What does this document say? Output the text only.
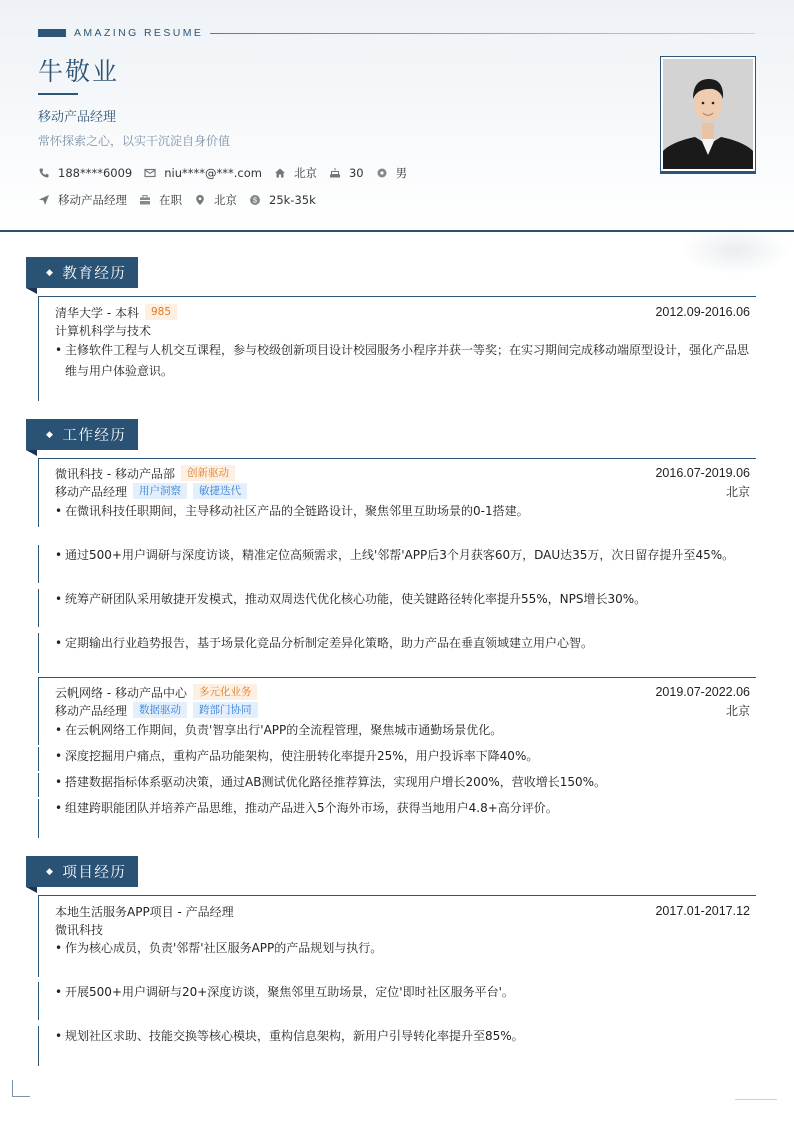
AMAZING RESUME
牛敬业
移动产品经理
常怀探索之心，以实干沉淀自身价值
188****6009	niu****@***.com	北京	30	男
移动产品经理	在职	北京 $ 25k-35k
◆ 教育经历
清华大学 - 本科	985	2012.09-2016.06
计算机科学与技术
• 主修软件工程与人机交互课程，参与校级创新项目设计校园服务小程序并获一等奖；在实习期间完成移动端原型设计，强化产品思维与用户体验意识。
◆ 工作经历
微讯科技 - 移动产品部	创新驱动	2016.07-2019.06
移动产品经理	用户洞察	敏捷迭代	北京
• 在微讯科技任职期间，主导移动社区产品的全链路设计，聚焦邻里互助场景的0-1搭建。
• 通过500+用户调研与深度访谈，精准定位高频需求，上线'邻帮'APP后3个月获客60万，DAU达35万，次日留存提升至45%。
• 统筹产研团队采用敏捷开发模式，推动双周迭代优化核心功能，使关键路径转化率提升55%，NPS增长30%。
• 定期输出行业趋势报告，基于场景化竞品分析制定差异化策略，助力产品在垂直领域建立用户心智。
云帆网络 - 移动产品中心	多元化业务	2019.07-2022.06
移动产品经理	数据驱动	跨部门协同	北京
• 在云帆网络工作期间，负责'智享出行'APP的全流程管理，聚焦城市通勤场景优化。
• 深度挖掘用户痛点，重构产品功能架构，使注册转化率提升25%，用户投诉率下降40%。
• 搭建数据指标体系驱动决策，通过AB测试优化路径推荐算法，实现用户增长200%，营收增长150%。
• 组建跨职能团队并培养产品思维，推动产品进入5个海外市场，获得当地用户4.8+高分评价。
◆ 项目经历
本地生活服务APP项目 - 产品经理	2017.01-2017.12
微讯科技
• 作为核心成员，负责'邻帮'社区服务APP的产品规划与执行。
• 开展500+用户调研与20+深度访谈，聚焦邻里互助场景，定位'即时社区服务平台'。
• 规划社区求助、技能交换等核心模块，重构信息架构，新用户引导转化率提升至85%。
